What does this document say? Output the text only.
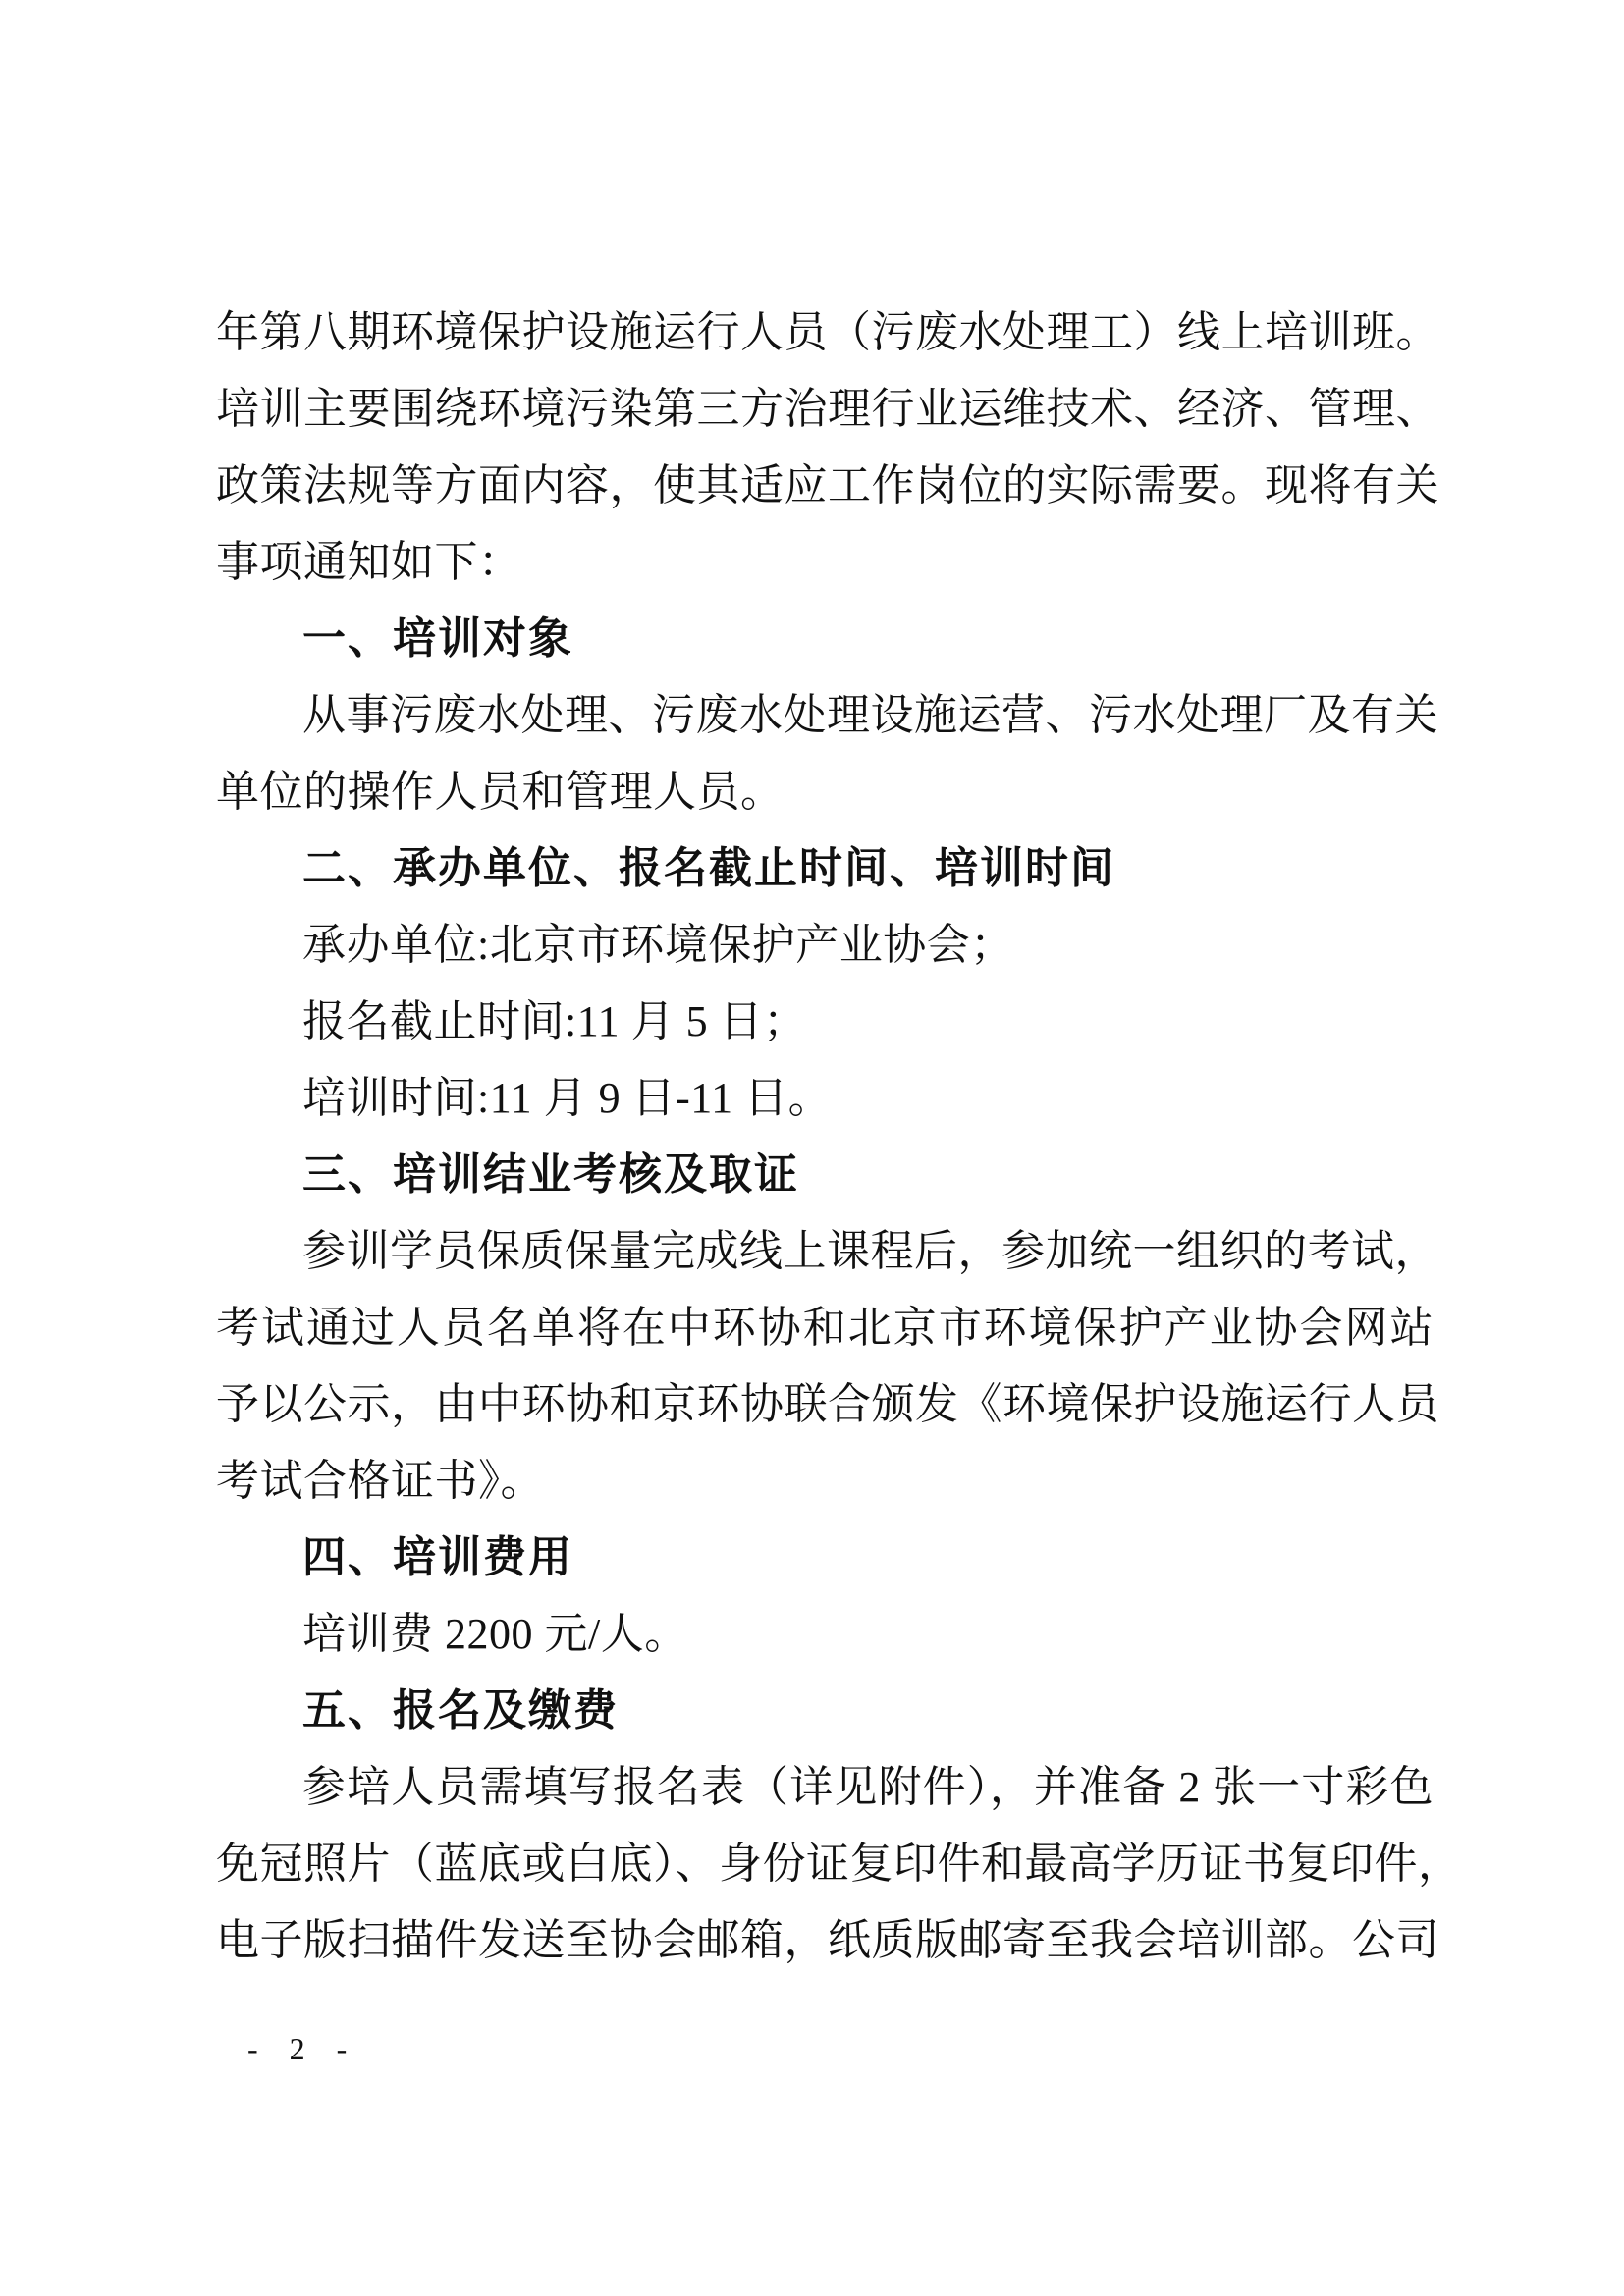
年第八期环境保护设施运行人员（污废水处理工）线上培训班。
培训主要围绕环境污染第三方治理行业运维技术、经济、管理、
政策法规等方面内容，使其适应工作岗位的实际需要。现将有关
事项通知如下：
一、培训对象
从事污废水处理、污废水处理设施运营、污水处理厂及有关
单位的操作人员和管理人员。
二、承办单位、报名截止时间、培训时间
承办单位:北京市环境保护产业协会；
报名截止时间:11 月 5 日；
培训时间:11 月 9 日-11 日。
三、培训结业考核及取证
参训学员保质保量完成线上课程后，参加统一组织的考试，
考试通过人员名单将在中环协和北京市环境保护产业协会网站
予以公示，由中环协和京环协联合颁发《环境保护设施运行人员
考试合格证书》。
四、培训费用
培训费 2200 元/人。
五、报名及缴费
参培人员需填写报名表（详见附件），并准备 2 张一寸彩色
免冠照片（蓝底或白底）、身份证复印件和最高学历证书复印件，
电子版扫描件发送至协会邮箱，纸质版邮寄至我会培训部。公司
- 2 -
